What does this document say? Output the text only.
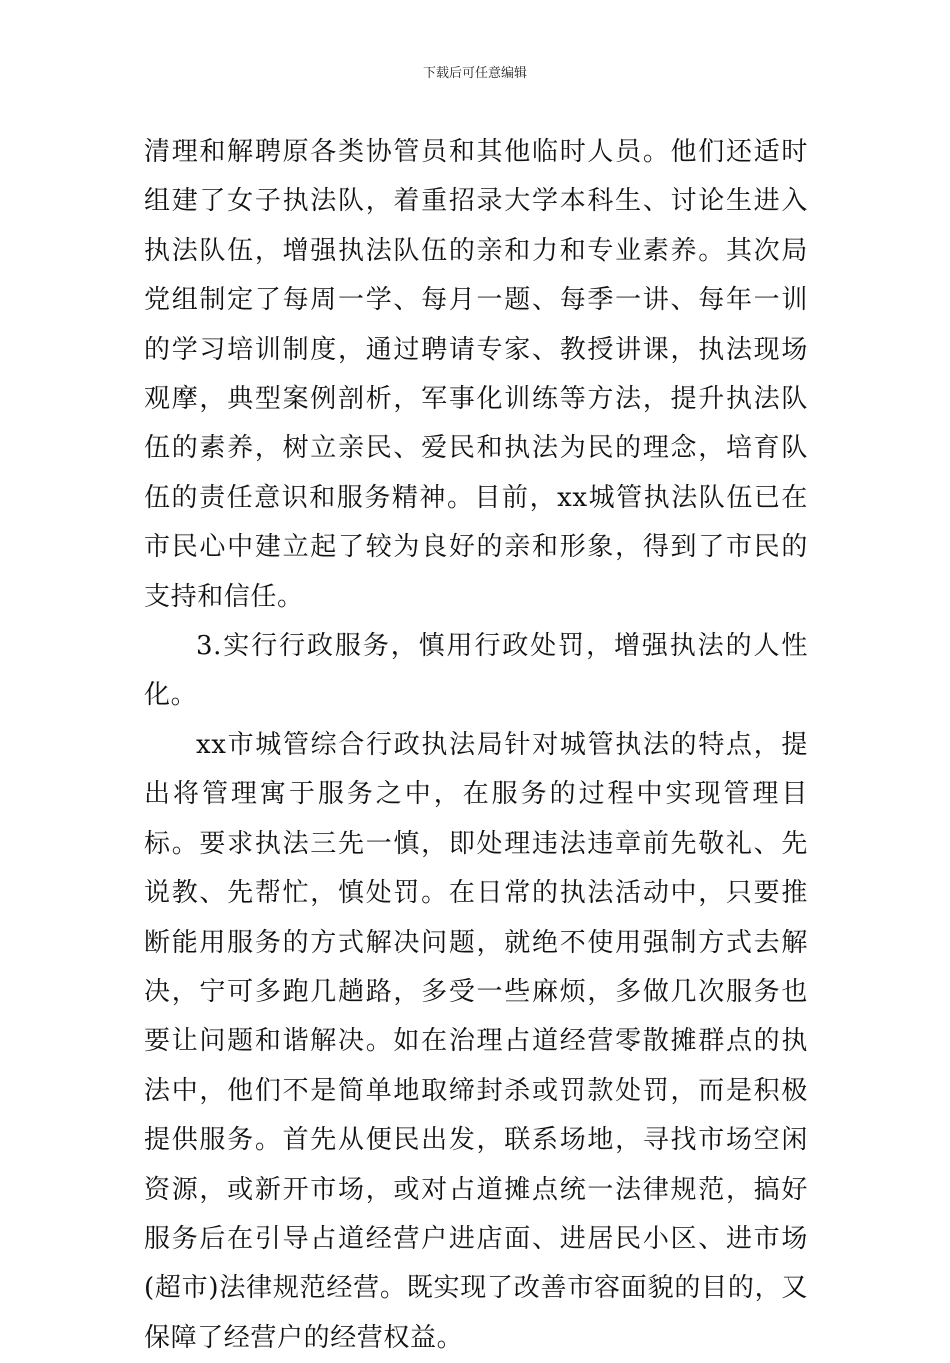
下载后可任意编辑

清理和解聘原各类协管员和其他临时人员。他们还适时组建了女子执法队，着重招录大学本科生、讨论生进入执法队伍，增强执法队伍的亲和力和专业素养。其次局党组制定了每周一学、每月一题、每季一讲、每年一训的学习培训制度，通过聘请专家、教授讲课，执法现场观摩，典型案例剖析，军事化训练等方法，提升执法队伍的素养，树立亲民、爱民和执法为民的理念，培育队伍的责任意识和服务精神。目前，xx城管执法队伍已在市民心中建立起了较为良好的亲和形象，得到了市民的支持和信任。

3.实行行政服务，慎用行政处罚，增强执法的人性化。

xx市城管综合行政执法局针对城管执法的特点，提出将管理寓于服务之中，在服务的过程中实现管理目标。要求执法三先一慎，即处理违法违章前先敬礼、先说教、先帮忙，慎处罚。在日常的执法活动中，只要推断能用服务的方式解决问题，就绝不使用强制方式去解决，宁可多跑几趟路，多受一些麻烦，多做几次服务也要让问题和谐解决。如在治理占道经营零散摊群点的执法中，他们不是简单地取缔封杀或罚款处罚，而是积极提供服务。首先从便民出发，联系场地，寻找市场空闲资源，或新开市场，或对占道摊点统一法律规范，搞好服务后在引导占道经营户进店面、进居民小区、进市场(超市)法律规范经营。既实现了改善市容面貌的目的，又保障了经营户的经营权益。
